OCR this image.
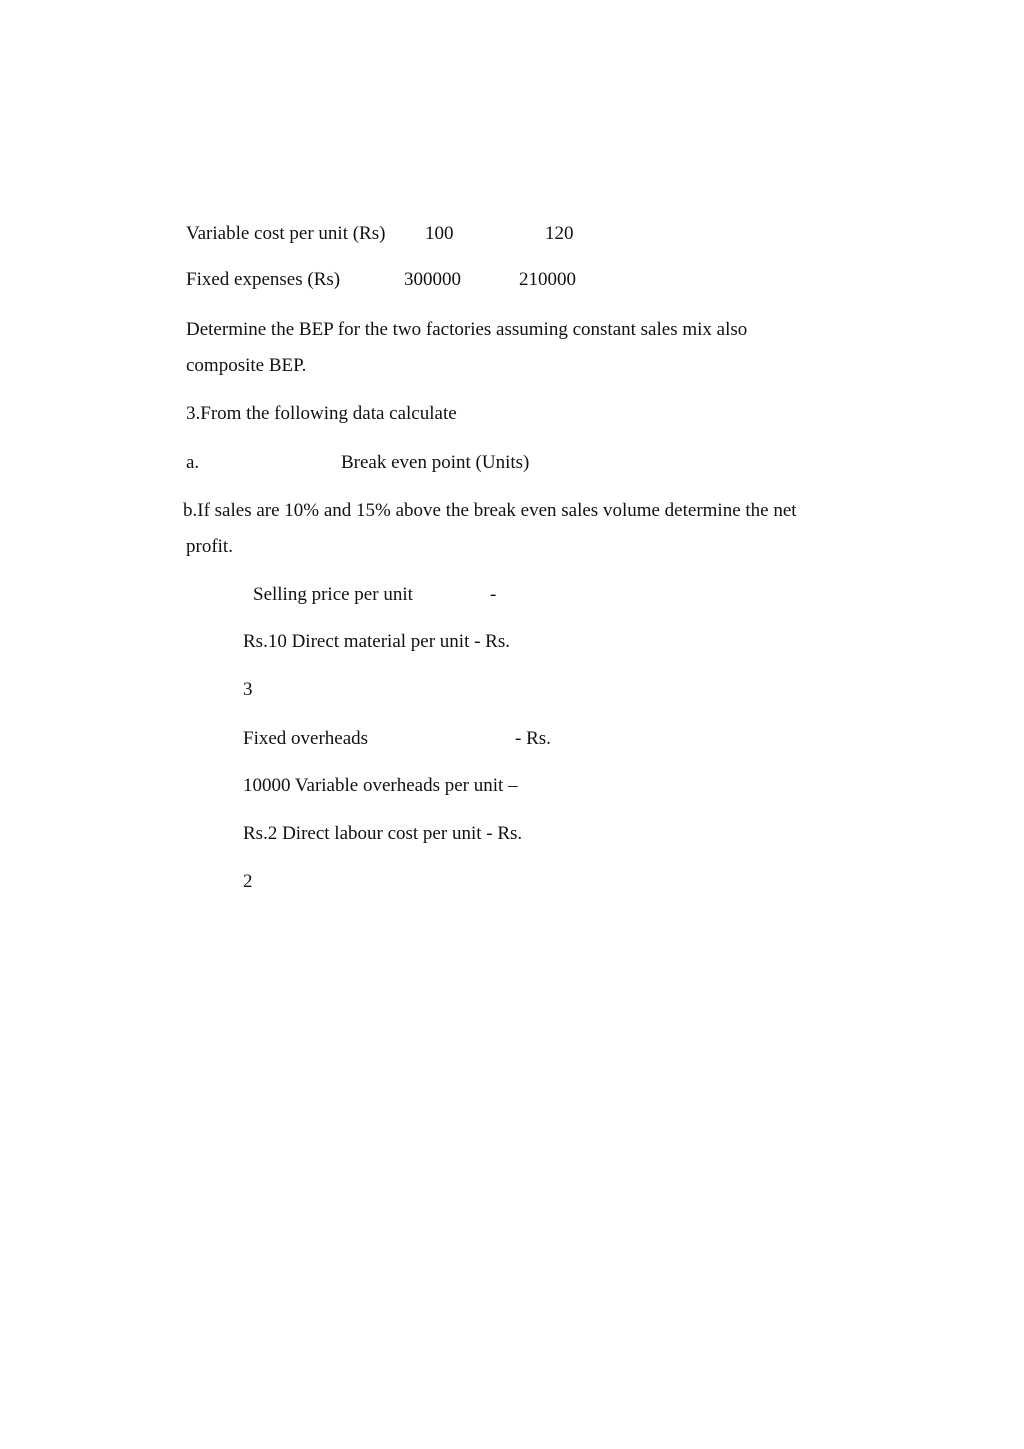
Variable cost per unit (Rs) 100	120
Fixed expenses (Rs)	300000	210000
Determine the BEP for the two factories assuming constant sales mix also
composite BEP.
3.From the following data calculate
a.	Break even point (Units)
b.If sales are 10% and 15% above the break even sales volume determine the net
profit.
Selling price per unit	-
Rs.10 Direct material per unit - Rs.
3
Fixed overheads	- Rs.
10000 Variable overheads per unit –
Rs.2 Direct labour cost per unit - Rs.
2
